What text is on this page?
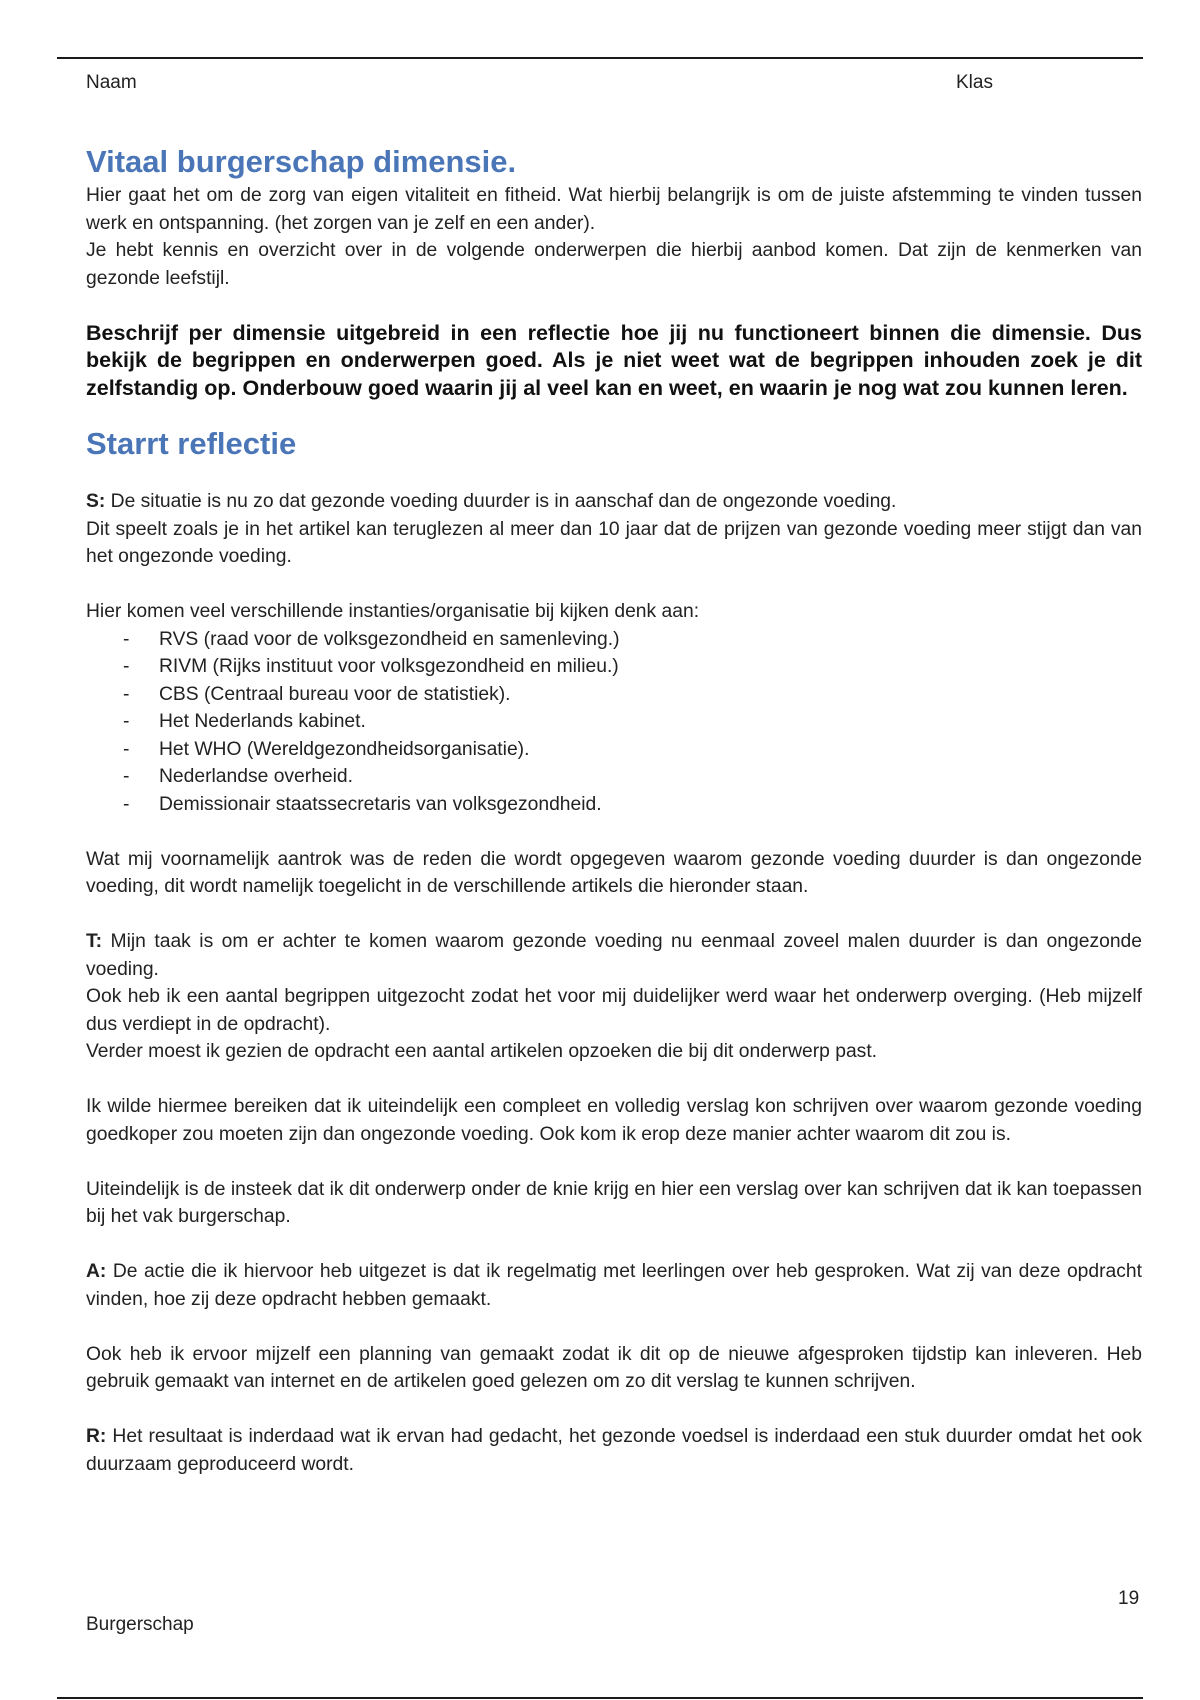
Naam	Klas
Vitaal burgerschap dimensie.

Hier gaat het om de zorg van eigen vitaliteit en fitheid. Wat hierbij belangrijk is om de juiste afstemming te vinden tussen werk en ontspanning. (het zorgen van je zelf en een ander).

Je hebt kennis en overzicht over in de volgende onderwerpen die hierbij aanbod komen. Dat zijn de kenmerken van gezonde leefstijl.

Beschrijf per dimensie uitgebreid in een reflectie hoe jij nu functioneert binnen die dimensie. Dus bekijk de begrippen en onderwerpen goed. Als je niet weet wat de begrippen inhouden zoek je dit zelfstandig op. Onderbouw goed waarin jij al veel kan en weet, en waarin je nog wat zou kunnen leren.

Starrt reflectie

S: De situatie is nu zo dat gezonde voeding duurder is in aanschaf dan de ongezonde voeding.

Dit speelt zoals je in het artikel kan teruglezen al meer dan 10 jaar dat de prijzen van gezonde voeding meer stijgt dan van het ongezonde voeding.

Hier komen veel verschillende instanties/organisatie bij kijken denk aan:

- RVS (raad voor de volksgezondheid en samenleving.)
- RIVM (Rijks instituut voor volksgezondheid en milieu.)
- CBS (Centraal bureau voor de statistiek).
- Het Nederlands kabinet.
- Het WHO (Wereldgezondheidsorganisatie).
- Nederlandse overheid.
- Demissionair staatssecretaris van volksgezondheid.

Wat mij voornamelijk aantrok was de reden die wordt opgegeven waarom gezonde voeding duurder is dan ongezonde voeding, dit wordt namelijk toegelicht in de verschillende artikels die hieronder staan.

T: Mijn taak is om er achter te komen waarom gezonde voeding nu eenmaal zoveel malen duurder is dan ongezonde voeding.

Ook heb ik een aantal begrippen uitgezocht zodat het voor mij duidelijker werd waar het onderwerp overging. (Heb mijzelf dus verdiept in de opdracht).

Verder moest ik gezien de opdracht een aantal artikelen opzoeken die bij dit onderwerp past.

Ik wilde hiermee bereiken dat ik uiteindelijk een compleet en volledig verslag kon schrijven over waarom gezonde voeding goedkoper zou moeten zijn dan ongezonde voeding. Ook kom ik erop deze manier achter waarom dit zou is.

Uiteindelijk is de insteek dat ik dit onderwerp onder de knie krijg en hier een verslag over kan schrijven dat ik kan toepassen bij het vak burgerschap.

A: De actie die ik hiervoor heb uitgezet is dat ik regelmatig met leerlingen over heb gesproken. Wat zij van deze opdracht vinden, hoe zij deze opdracht hebben gemaakt.

Ook heb ik ervoor mijzelf een planning van gemaakt zodat ik dit op de nieuwe afgesproken tijdstip kan inleveren. Heb gebruik gemaakt van internet en de artikelen goed gelezen om zo dit verslag te kunnen schrijven.

R: Het resultaat is inderdaad wat ik ervan had gedacht, het gezonde voedsel is inderdaad een stuk duurder omdat het ook duurzaam geproduceerd wordt.

19
Burgerschap
